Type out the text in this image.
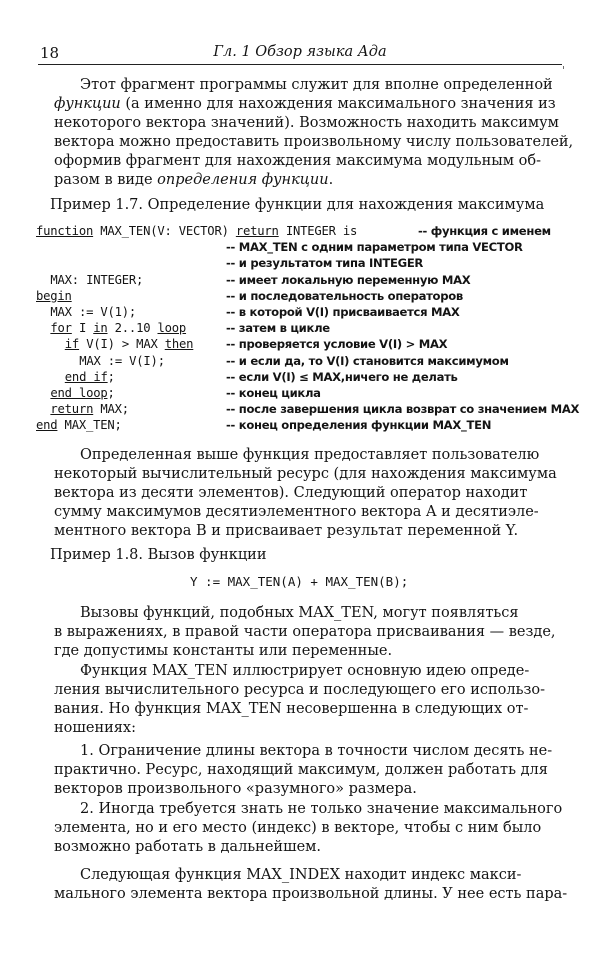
18	Гл. 1 Обзор языка Ада
'
Этот фрагмент программы служит для вполне определенной
функции (а именно для нахождения максимального значения из
некоторого вектора значений). Возможность находить максимум
вектора можно предоставить произвольному числу пользователей,
оформив фрагмент для нахождения максимума модульным об-
разом в виде определения функции.
Пример 1.7. Определение функции для нахождения максимума
function MAX_TEN(V: VECTOR) return INTEGER is	-- функция с именем
-- MAX_TEN с одним параметром типа VECTOR
-- и результатом типа INTEGER
MAX: INTEGER;	-- имеет локальную переменную MAX
begin	-- и последовательность операторов
MAX := V(1);	-- в которой V(I) присваивается MAX
for I in 2..10 loop	-- затем в цикле
if V(I) > MAX then	-- проверяется условие V(I) > MAX
MAX := V(I);	-- и если да, то V(I) становится максимумом
end if;	-- если V(I) ≤ MAX,ничего не делать
end loop;	-- конец цикла
return MAX;	-- после завершения цикла возврат со значением MAX
end MAX_TEN;	-- конец определения функции MAX_TEN
Определенная выше функция предоставляет пользователю
некоторый вычислительный ресурс (для нахождения максимума
вектора из десяти элементов). Следующий оператор находит
сумму максимумов десятиэлементного вектора A и десятиэле-
ментного вектора B и присваивает результат переменной Y.
Пример 1.8. Вызов функции
Y := MAX_TEN(A) + MAX_TEN(B);
Вызовы функций, подобных MAX_TEN, могут появляться
в выражениях, в правой части оператора присваивания — везде,
где допустимы константы или переменные.
Функция MAX_TEN иллюстрирует основную идею опреде-
ления вычислительного ресурса и последующего его использо-
вания. Но функция MAX_TEN несовершенна в следующих от-
ношениях:
1. Ограничение длины вектора в точности числом десять не-
практично. Ресурс, находящий максимум, должен работать для
векторов произвольного «разумного» размера.
2. Иногда требуется знать не только значение максимального
элемента, но и его место (индекс) в векторе, чтобы с ним было
возможно работать в дальнейшем.
Следующая функция MAX_INDEX находит индекс макси-
мального элемента вектора произвольной длины. У нее есть пара-
